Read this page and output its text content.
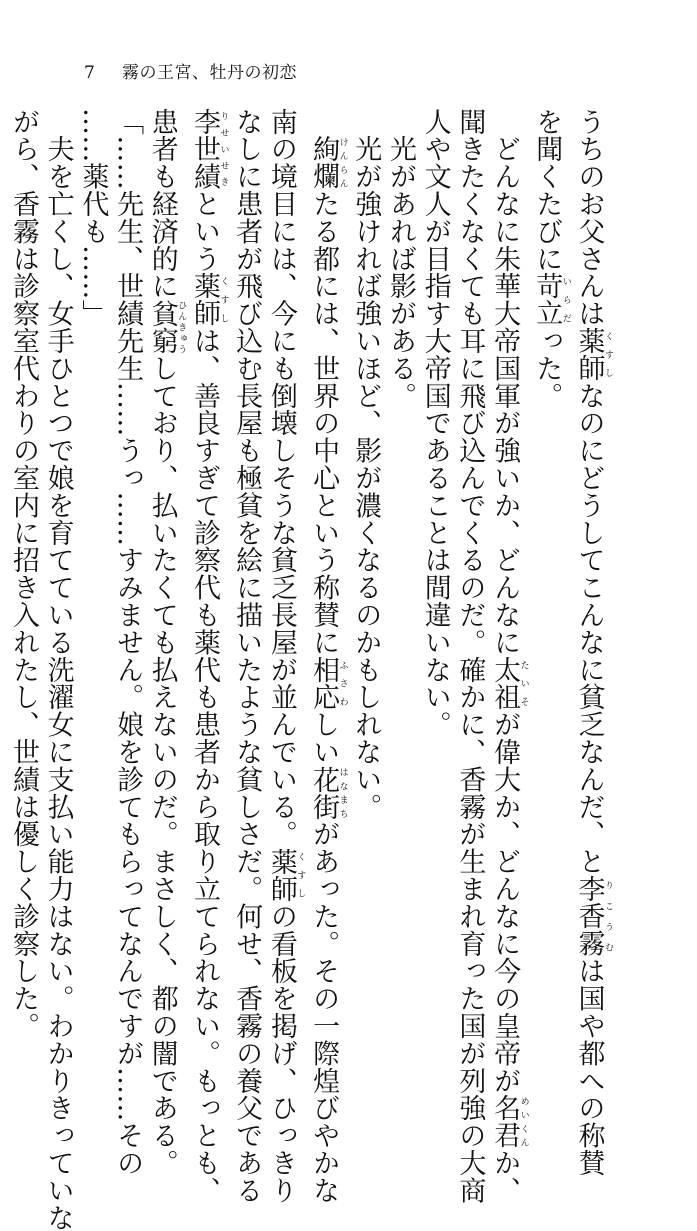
7 霧の王宮、牡丹の初恋

うちのお父さんは薬師くすしなのにどうしてこんなに貧乏なんだ、と李香霧りこうむは国や都への称賛

を聞くたびに苛立いらだった。

　どんなに朱華大帝国軍が強いか、どんなに太祖たいそが偉大か、どんなに今の皇帝が名君めいくんか、

聞きたくなくても耳に飛び込んでくるのだ。確かに、香霧が生まれ育った国が列強の大商

人や文人が目指す大帝国であることは間違いない。

　光があれば影がある。

　光が強ければ強いほど、影が濃くなるのかもしれない。

　絢爛けんらんたる都には、世界の中心という称賛に相応ふさわしい花街はなまちがあった。その一際煌びやかな

南の境目には、今にも倒壊しそうな貧乏長屋が並んでいる。薬師くすしの看板を掲げ、ひっきり

なしに患者が飛び込む長屋も極貧を絵に描いたような貧しさだ。何せ、香霧の養父である

李世績りせいせきという薬師くすしは、善良すぎて診察代も薬代も患者から取り立てられない。もっとも、

患者も経済的に貧窮ひんきゅうしており、払いたくても払えないのだ。まさしく、都の闇である。

「……先生、世績先生……うっ……すみません。娘を診てもらってなんですが……その

……薬代も……」

　夫を亡くし、女手ひとつで娘を育てている洗濯女に支払い能力はない。わかりきっていな

がら、香霧は診察室代わりの室内に招き入れたし、世績は優しく診察した。
